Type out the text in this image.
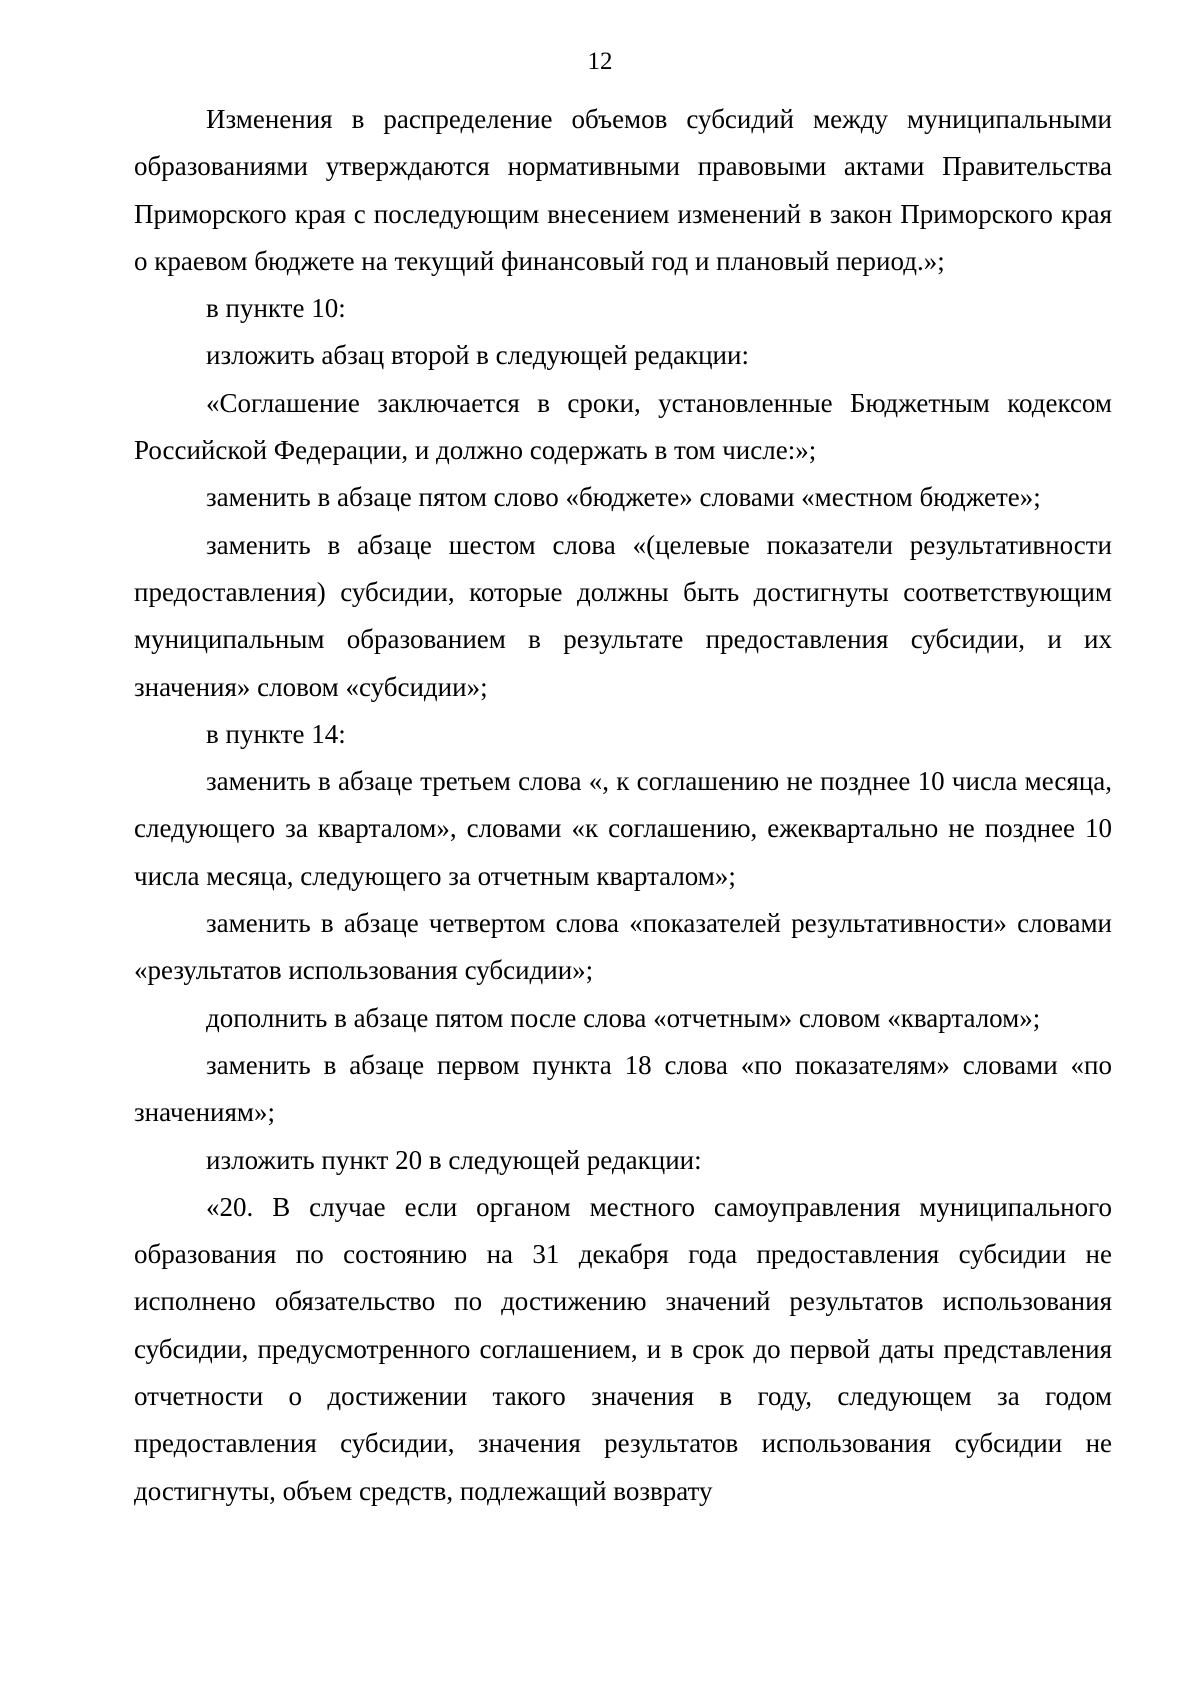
12

Изменения в распределение объемов субсидий между муниципальными образованиями утверждаются нормативными правовыми актами Правительства Приморского края с последующим внесением изменений в закон Приморского края о краевом бюджете на текущий финансовый год и плановый период.»;

в пункте 10:

изложить абзац второй в следующей редакции:

«Соглашение заключается в сроки, установленные Бюджетным кодексом Российской Федерации, и должно содержать в том числе:»;

заменить в абзаце пятом слово «бюджете» словами «местном бюджете»;

заменить в абзаце шестом слова «(целевые показатели результативности предоставления) субсидии, которые должны быть достигнуты соответствующим муниципальным образованием в результате предоставления субсидии, и их значения» словом «субсидии»;

в пункте 14:

заменить в абзаце третьем слова «, к соглашению не позднее 10 числа месяца, следующего за кварталом», словами «к соглашению, ежеквартально не позднее 10 числа месяца, следующего за отчетным кварталом»;

заменить в абзаце четвертом слова «показателей результативности» словами «результатов использования субсидии»;

дополнить в абзаце пятом после слова «отчетным» словом «кварталом»;

заменить в абзаце первом пункта 18 слова «по показателям» словами «по значениям»;

изложить пункт 20 в следующей редакции:

«20. В случае если органом местного самоуправления муниципального образования по состоянию на 31 декабря года предоставления субсидии не исполнено обязательство по достижению значений результатов использования субсидии, предусмотренного соглашением, и в срок до первой даты представления отчетности о достижении такого значения в году, следующем за годом предоставления субсидии, значения результатов использования субсидии не достигнуты, объем средств, подлежащий возврату
